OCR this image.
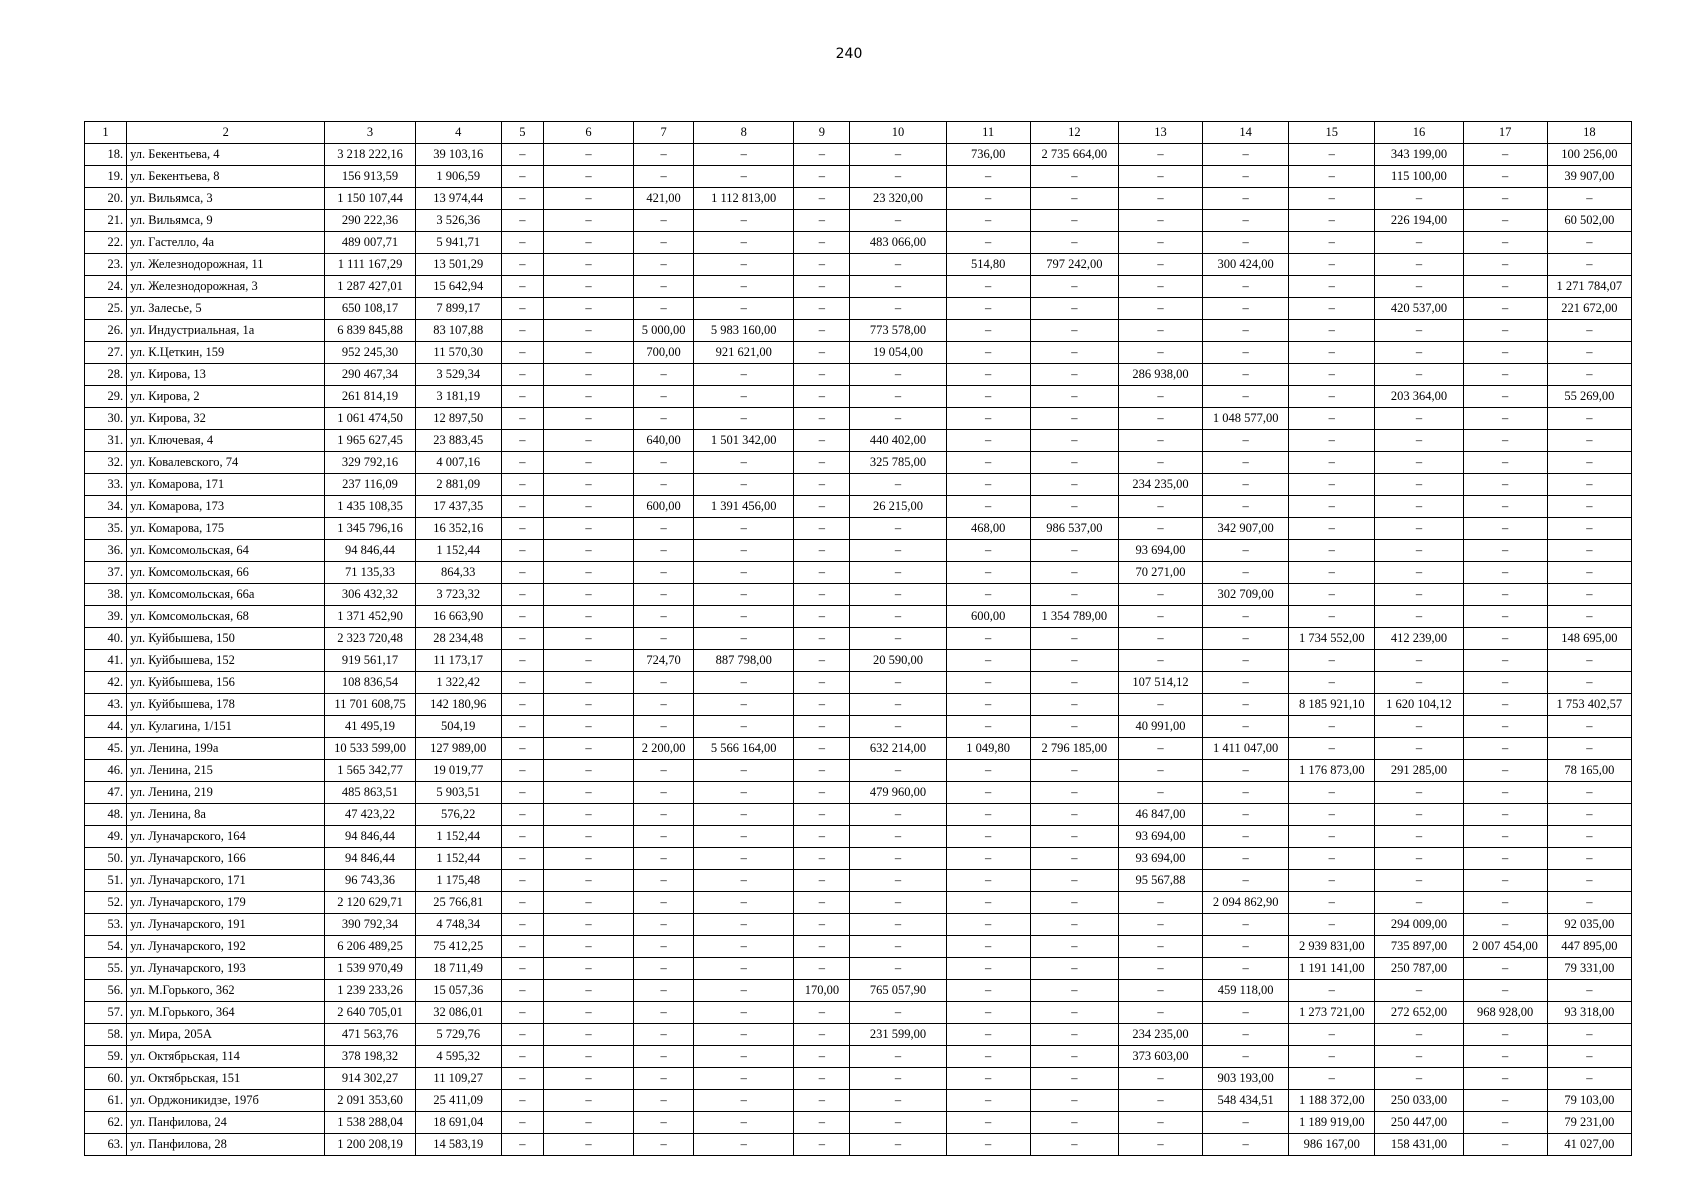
240
1	2	3	4	5	6	7	8	9	10	11	12	13	14	15	16	17	18
18.	ул. Бекентьева, 4	3 218 222,16	39 103,16	–	–	–	–	–	–	736,00	2 735 664,00	–	–	–	343 199,00	–	100 256,00
19.	ул. Бекентьева, 8	156 913,59	1 906,59	–	–	–	–	–	–	–	–	–	–	–	115 100,00	–	39 907,00
20.	ул. Вильямса, 3	1 150 107,44	13 974,44	–	–	421,00	1 112 813,00	–	23 320,00	–	–	–	–	–	–	–	–
21.	ул. Вильямса, 9	290 222,36	3 526,36	–	–	–	–	–	–	–	–	–	–	–	226 194,00	–	60 502,00
22.	ул. Гастелло, 4а	489 007,71	5 941,71	–	–	–	–	–	483 066,00	–	–	–	–	–	–	–	–
23.	ул. Железнодорожная, 11	1 111 167,29	13 501,29	–	–	–	–	–	–	514,80	797 242,00	–	300 424,00	–	–	–	–
24.	ул. Железнодорожная, 3	1 287 427,01	15 642,94	–	–	–	–	–	–	–	–	–	–	–	–	–	1 271 784,07
25.	ул. Залесье, 5	650 108,17	7 899,17	–	–	–	–	–	–	–	–	–	–	–	420 537,00	–	221 672,00
26.	ул. Индустриальная, 1а	6 839 845,88	83 107,88	–	–	5 000,00	5 983 160,00	–	773 578,00	–	–	–	–	–	–	–	–
27.	ул. К.Цеткин, 159	952 245,30	11 570,30	–	–	700,00	921 621,00	–	19 054,00	–	–	–	–	–	–	–	–
28.	ул. Кирова, 13	290 467,34	3 529,34	–	–	–	–	–	–	–	–	286 938,00	–	–	–	–	–
29.	ул. Кирова, 2	261 814,19	3 181,19	–	–	–	–	–	–	–	–	–	–	–	203 364,00	–	55 269,00
30.	ул. Кирова, 32	1 061 474,50	12 897,50	–	–	–	–	–	–	–	–	–	1 048 577,00	–	–	–	–
31.	ул. Ключевая, 4	1 965 627,45	23 883,45	–	–	640,00	1 501 342,00	–	440 402,00	–	–	–	–	–	–	–	–
32.	ул. Ковалевского, 74	329 792,16	4 007,16	–	–	–	–	–	325 785,00	–	–	–	–	–	–	–	–
33.	ул. Комарова, 171	237 116,09	2 881,09	–	–	–	–	–	–	–	–	234 235,00	–	–	–	–	–
34.	ул. Комарова, 173	1 435 108,35	17 437,35	–	–	600,00	1 391 456,00	–	26 215,00	–	–	–	–	–	–	–	–
35.	ул. Комарова, 175	1 345 796,16	16 352,16	–	–	–	–	–	–	468,00	986 537,00	–	342 907,00	–	–	–	–
36.	ул. Комсомольская, 64	94 846,44	1 152,44	–	–	–	–	–	–	–	–	93 694,00	–	–	–	–	–
37.	ул. Комсомольская, 66	71 135,33	864,33	–	–	–	–	–	–	–	–	70 271,00	–	–	–	–	–
38.	ул. Комсомольская, 66а	306 432,32	3 723,32	–	–	–	–	–	–	–	–	–	302 709,00	–	–	–	–
39.	ул. Комсомольская, 68	1 371 452,90	16 663,90	–	–	–	–	–	–	600,00	1 354 789,00	–	–	–	–	–	–
40.	ул. Куйбышева, 150	2 323 720,48	28 234,48	–	–	–	–	–	–	–	–	–	–	1 734 552,00	412 239,00	–	148 695,00
41.	ул. Куйбышева, 152	919 561,17	11 173,17	–	–	724,70	887 798,00	–	20 590,00	–	–	–	–	–	–	–	–
42.	ул. Куйбышева, 156	108 836,54	1 322,42	–	–	–	–	–	–	–	–	107 514,12	–	–	–	–	–
43.	ул. Куйбышева, 178	11 701 608,75	142 180,96	–	–	–	–	–	–	–	–	–	–	8 185 921,10	1 620 104,12	–	1 753 402,57
44.	ул. Кулагина, 1/151	41 495,19	504,19	–	–	–	–	–	–	–	–	40 991,00	–	–	–	–	–
45.	ул. Ленина, 199а	10 533 599,00	127 989,00	–	–	2 200,00	5 566 164,00	–	632 214,00	1 049,80	2 796 185,00	–	1 411 047,00	–	–	–	–
46.	ул. Ленина, 215	1 565 342,77	19 019,77	–	–	–	–	–	–	–	–	–	–	1 176 873,00	291 285,00	–	78 165,00
47.	ул. Ленина, 219	485 863,51	5 903,51	–	–	–	–	–	479 960,00	–	–	–	–	–	–	–	–
48.	ул. Ленина, 8а	47 423,22	576,22	–	–	–	–	–	–	–	–	46 847,00	–	–	–	–	–
49.	ул. Луначарского, 164	94 846,44	1 152,44	–	–	–	–	–	–	–	–	93 694,00	–	–	–	–	–
50.	ул. Луначарского, 166	94 846,44	1 152,44	–	–	–	–	–	–	–	–	93 694,00	–	–	–	–	–
51.	ул. Луначарского, 171	96 743,36	1 175,48	–	–	–	–	–	–	–	–	95 567,88	–	–	–	–	–
52.	ул. Луначарского, 179	2 120 629,71	25 766,81	–	–	–	–	–	–	–	–	–	2 094 862,90	–	–	–	–
53.	ул. Луначарского, 191	390 792,34	4 748,34	–	–	–	–	–	–	–	–	–	–	–	294 009,00	–	92 035,00
54.	ул. Луначарского, 192	6 206 489,25	75 412,25	–	–	–	–	–	–	–	–	–	–	2 939 831,00	735 897,00	2 007 454,00	447 895,00
55.	ул. Луначарского, 193	1 539 970,49	18 711,49	–	–	–	–	–	–	–	–	–	–	1 191 141,00	250 787,00	–	79 331,00
56.	ул. М.Горького, 362	1 239 233,26	15 057,36	–	–	–	–	170,00	765 057,90	–	–	–	459 118,00	–	–	–	–
57.	ул. М.Горького, 364	2 640 705,01	32 086,01	–	–	–	–	–	–	–	–	–	–	1 273 721,00	272 652,00	968 928,00	93 318,00
58.	ул. Мира, 205А	471 563,76	5 729,76	–	–	–	–	–	231 599,00	–	–	234 235,00	–	–	–	–	–
59.	ул. Октябрьская, 114	378 198,32	4 595,32	–	–	–	–	–	–	–	–	373 603,00	–	–	–	–	–
60.	ул. Октябрьская, 151	914 302,27	11 109,27	–	–	–	–	–	–	–	–	–	903 193,00	–	–	–	–
61.	ул. Орджоникидзе, 197б	2 091 353,60	25 411,09	–	–	–	–	–	–	–	–	–	548 434,51	1 188 372,00	250 033,00	–	79 103,00
62.	ул. Панфилова, 24	1 538 288,04	18 691,04	–	–	–	–	–	–	–	–	–	–	1 189 919,00	250 447,00	–	79 231,00
63.	ул. Панфилова, 28	1 200 208,19	14 583,19	–	–	–	–	–	–	–	–	–	–	986 167,00	158 431,00	–	41 027,00
